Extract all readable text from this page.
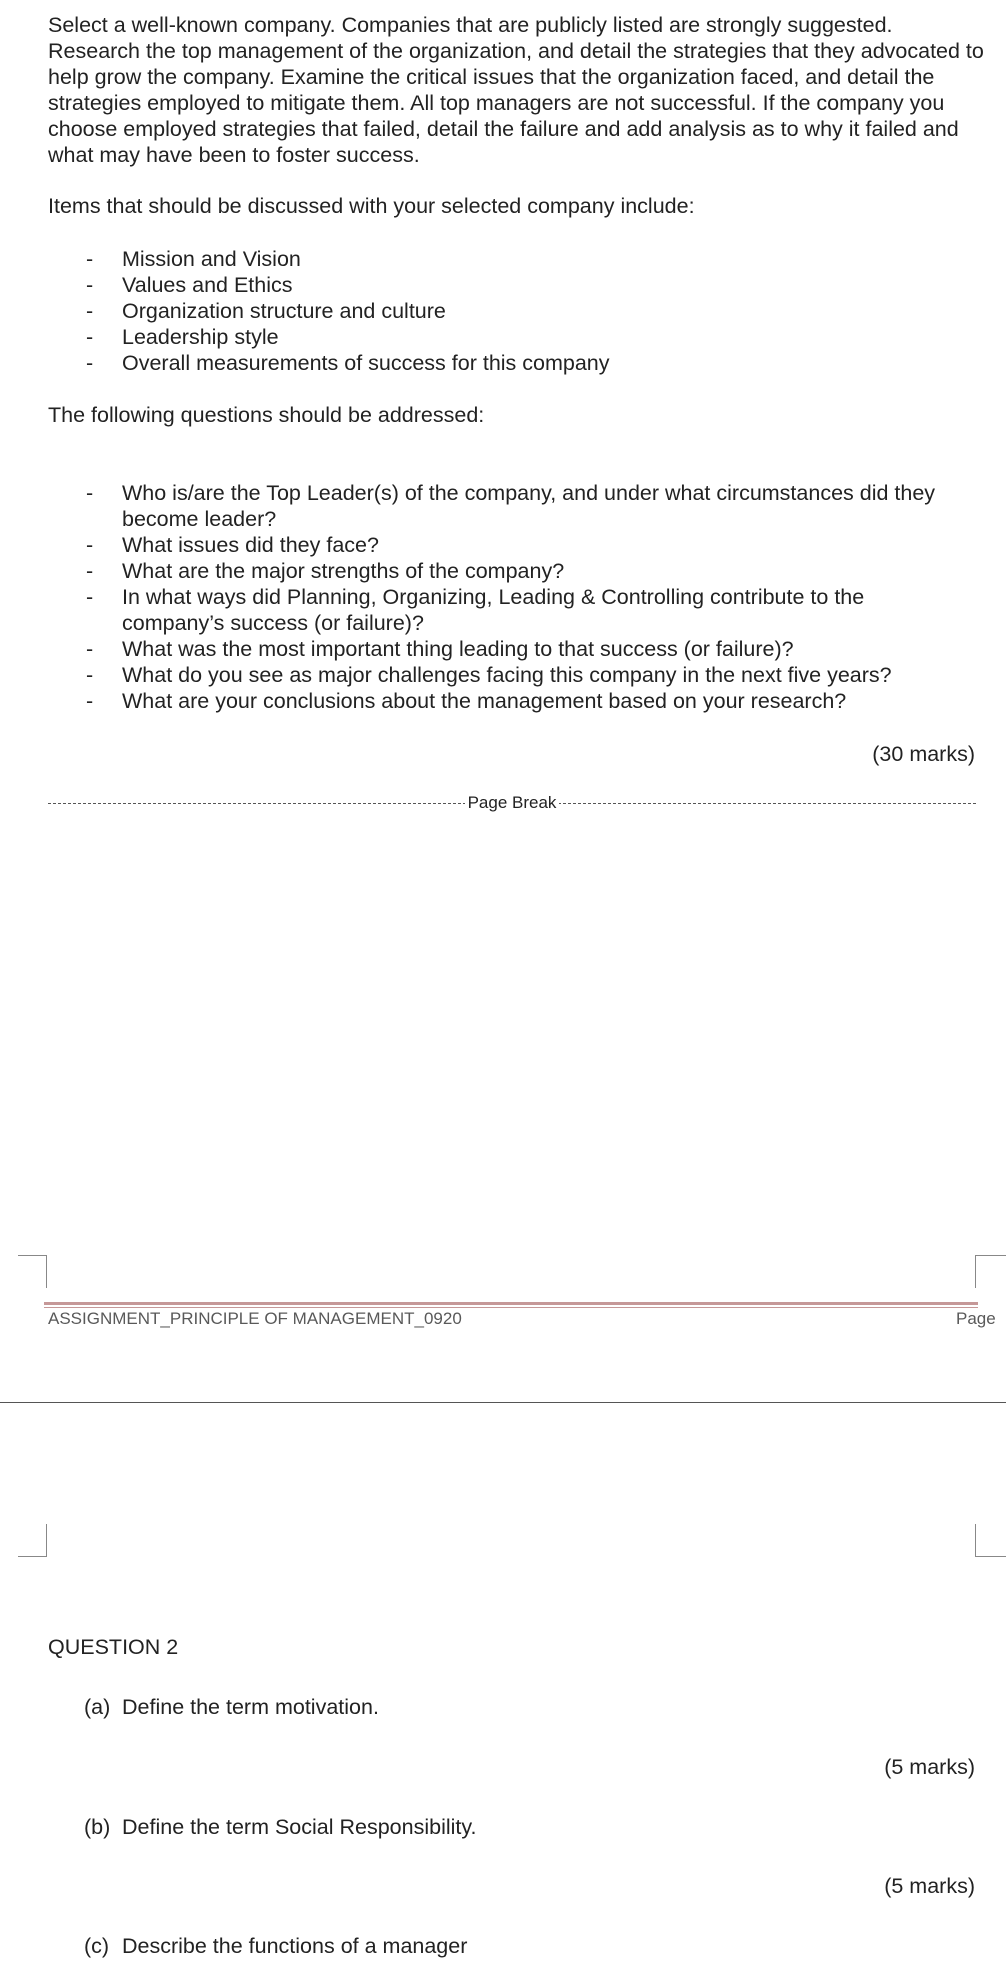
Select a well-known company. Companies that are publicly listed are strongly suggested. Research the top management of the organization, and detail the strategies that they advocated to help grow the company. Examine the critical issues that the organization faced, and detail the strategies employed to mitigate them. All top managers are not successful. If the company you choose employed strategies that failed, detail the failure and add analysis as to why it failed and what may have been to foster success.

Items that should be discussed with your selected company include:
- Mission and Vision
- Values and Ethics
- Organization structure and culture
- Leadership style
- Overall measurements of success for this company
The following questions should be addressed:
- Who is/are the Top Leader(s) of the company, and under what circumstances did they become leader?
- What issues did they face?
- What are the major strengths of the company?
- In what ways did Planning, Organizing, Leading & Controlling contribute to the company’s success (or failure)?
- What was the most important thing leading to that success (or failure)?
- What do you see as major challenges facing this company in the next five years?
- What are your conclusions about the management based on your research?
(30 marks)
Page Break
ASSIGNMENT_PRINCIPLE OF MANAGEMENT_0920	Page
QUESTION 2
(a) Define the term motivation.
(5 marks)
(b) Define the term Social Responsibility.
(5 marks)
(c) Describe the functions of a manager
